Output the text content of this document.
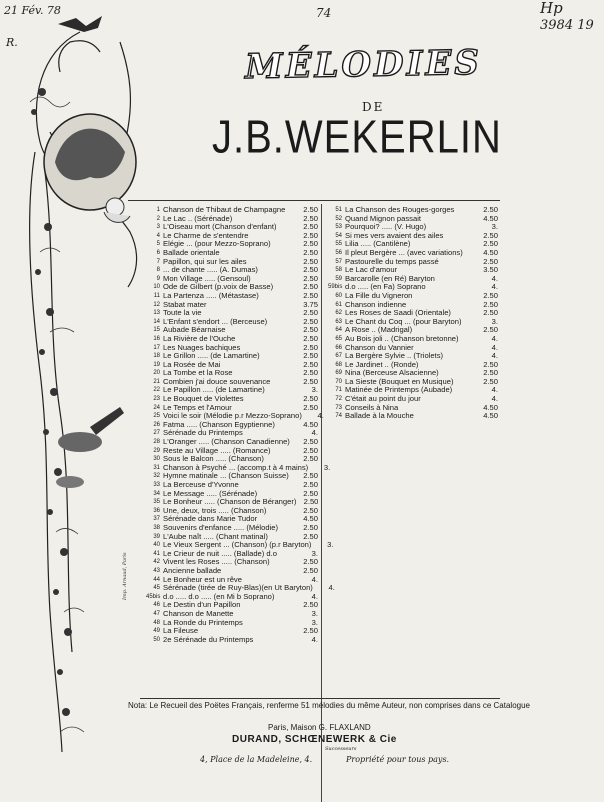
21 Fév. 78
R.
74	Hp
3984 19
MÉLODIES
DE
J.B.WEKERLIN
1 Chanson de Thibaut de Champagne	2.50
2 Le Lac .. (Sérénade)	2.50
3 L'Oiseau mort (Chanson d'enfant)	2.50
4 Le Charme de s'entendre	2.50
5 Elégie ... (pour Mezzo-Soprano)	2.50
6 Ballade orientale	2.50
7 Papillon, qui sur les ailes	2.50
8 ... de chante ..... (A. Dumas)	2.50
9 Mon Village ..... (Gensoul)	2.50
10 Ode de Gilbert (p.voix de Basse)	2.50
11 La Partenza ..... (Métastase)	2.50
12 Stabat mater	3.75
13 Toute la vie	2.50
14 L'Enfant s'endort ... (Berceuse)	2.50
15 Aubade Béarnaise	2.50
16 La Rivière de l'Ouche	2.50
17 Les Nuages bachiques	2.50
18 Le Grillon ..... (de Lamartine)	2.50
19 La Rosée de Mai	2.50
20 La Tombe et la Rose	2.50
21 Combien j'ai douce souvenance	2.50
22 Le Papillon ..... (de Lamartine)	3.
23 Le Bouquet de Violettes	2.50
24 Le Temps et l'Amour	2.50
25 Voici le soir (Mélodie p.r Mezzo-Soprano)	4.
26 Fatma ..... (Chanson Egyptienne)	4.50
27 Sérénade du Printemps	4.
28 L'Oranger ..... (Chanson Canadienne)	2.50
29 Reste au Village ..... (Romance)	2.50
30 Sous le Balcon ..... (Chanson)	2.50
31 Chanson à Psyché ... (accomp.t à 4 mains)	3.
32 Hymne matinale ... (Chanson Suisse)	2.50
33 La Berceuse d'Yvonne	2.50
34 Le Message ..... (Sérénade)	2.50
35 Le Bonheur ..... (Chanson de Béranger) 2.50
36 Une, deux, trois ..... (Chanson)	2.50
37 Sérénade dans Marie Tudor	4.50
38 Souvenirs d'enfance ..... (Mélodie)	2.50
39 L'Aube naît ..... (Chant matinal)	2.50
40 Le Vieux Sergent ... (Chanson) (p.r Baryton)	3.
41 Le Crieur de nuit ..... (Ballade) d.o	3.
42 Vivent les Roses ..... (Chanson)	2.50
43 Ancienne ballade	2.50
44 Le Bonheur est un rêve	4.
45 Sérénade (tirée de Ruy-Blas)(en Ut Baryton)	4.
45bis d.o ..... d.o ..... (en Mi b Soprano)	4.
46 Le Destin d'un Papillon	2.50
47 Chanson de Manette	3.
48 La Ronde du Printemps	3.
49 La Fileuse	2.50
50 2e Sérénade du Printemps	4.
51 La Chanson des Rouges-gorges	2.50
52 Quand Mignon passait	4.50
53 Pourquoi? ..... (V. Hugo)	3.
54 Si mes vers avaient des ailes	2.50
55 Lilia ..... (Cantilène)	2.50
56 Il pleut Bergère ... (avec variations)	4.50
57 Pastourelle du temps passé	2.50
58 Le Lac d'amour	3.50
59 Barcarolle (en Ré) Baryton	4.
59bis d.o ..... (en Fa) Soprano	4.
60 La Fille du Vigneron	2.50
61 Chanson indienne	2.50
62 Les Roses de Saadi (Orientale)	2.50
63 Le Chant du Coq ... (pour Baryton)	3.
64 A Rose .. (Madrigal)	2.50
65 Au Bois joli .. (Chanson bretonne)	4.
66 Chanson du Vannier	4.
67 La Bergère Sylvie .. (Triolets)	4.
68 Le Jardinet .. (Ronde)	2.50
69 Nina (Berceuse Alsacienne)	2.50
70 La Sieste (Bouquet en Musique)	2.50
71 Matinée de Printemps (Aubade)	4.
72 C'était au point du jour	4.
73 Conseils à Nina	4.50
74 Ballade à la Mouche	4.50
Nota: Le Recueil des Poëtes Français, renferme 51 mélodies du même Auteur, non comprises dans ce Catalogue
Paris, Maison G. FLAXLAND
DURAND, SCHŒNEWERK & Cie
Successeurs
4, Place de la Madeleine, 4.	Propriété pour tous pays.
Imp. Arnaud, Paris
